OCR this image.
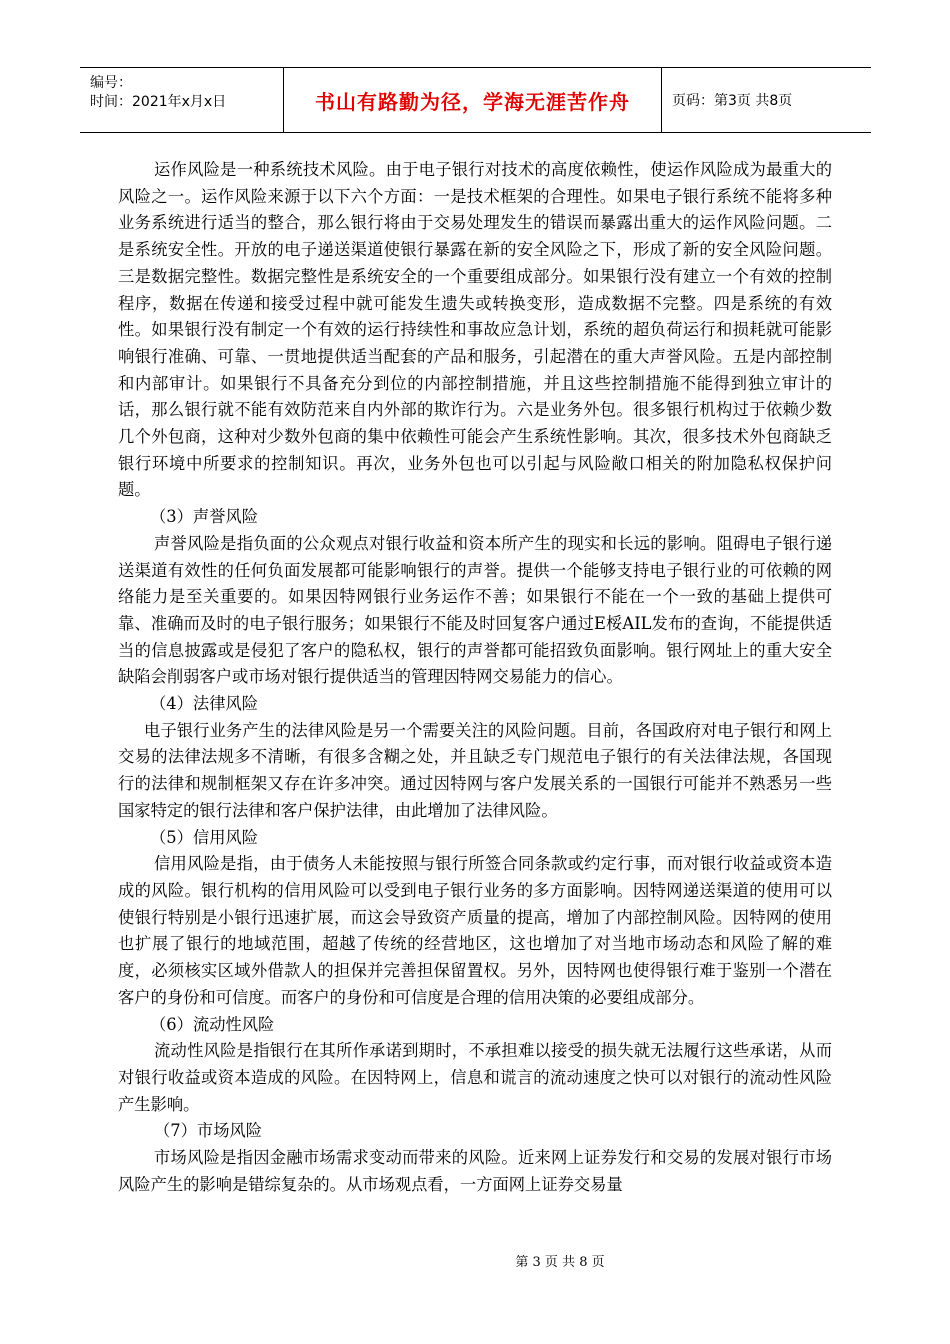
编号：
时间：2021年x月x日	书山有路勤为径，学海无涯苦作舟	页码：第3页 共8页

运作风险是一种系统技术风险。由于电子银行对技术的高度依赖性，使运作风险成为最重大的风险之一。运作风险来源于以下六个方面：一是技术框架的合理性。如果电子银行系统不能将多种业务系统进行适当的整合，那么银行将由于交易处理发生的错误而暴露出重大的运作风险问题。二是系统安全性。开放的电子递送渠道使银行暴露在新的安全风险之下，形成了新的安全风险问题。三是数据完整性。数据完整性是系统安全的一个重要组成部分。如果银行没有建立一个有效的控制程序，数据在传递和接受过程中就可能发生遗失或转换变形，造成数据不完整。四是系统的有效性。如果银行没有制定一个有效的运行持续性和事故应急计划，系统的超负荷运行和损耗就可能影响银行准确、可靠、一贯地提供适当配套的产品和服务，引起潜在的重大声誉风险。五是内部控制和内部审计。如果银行不具备充分到位的内部控制措施，并且这些控制措施不能得到独立审计的话，那么银行就不能有效防范来自内外部的欺诈行为。六是业务外包。很多银行机构过于依赖少数几个外包商，这种对少数外包商的集中依赖性可能会产生系统性影响。其次，很多技术外包商缺乏银行环境中所要求的控制知识。再次，业务外包也可以引起与风险敞口相关的附加隐私权保护问题。

（3）声誉风险

声誉风险是指负面的公众观点对银行收益和资本所产生的现实和长远的影响。阻碍电子银行递送渠道有效性的任何负面发展都可能影响银行的声誉。提供一个能够支持电子银行业的可依赖的网络能力是至关重要的。如果因特网银行业务运作不善；如果银行不能在一个一致的基础上提供可靠、准确而及时的电子银行服务；如果银行不能及时回复客户通过E桵AIL发布的查询，不能提供适当的信息披露或是侵犯了客户的隐私权，银行的声誉都可能招致负面影响。银行网址上的重大安全缺陷会削弱客户或市场对银行提供适当的管理因特网交易能力的信心。

（4）法律风险

电子银行业务产生的法律风险是另一个需要关注的风险问题。目前，各国政府对电子银行和网上交易的法律法规多不清晰，有很多含糊之处，并且缺乏专门规范电子银行的有关法律法规，各国现行的法律和规制框架又存在许多冲突。通过因特网与客户发展关系的一国银行可能并不熟悉另一些国家特定的银行法律和客户保护法律，由此增加了法律风险。

（5）信用风险

信用风险是指，由于债务人未能按照与银行所签合同条款或约定行事，而对银行收益或资本造成的风险。银行机构的信用风险可以受到电子银行业务的多方面影响。因特网递送渠道的使用可以使银行特别是小银行迅速扩展，而这会导致资产质量的提高，增加了内部控制风险。因特网的使用也扩展了银行的地域范围，超越了传统的经营地区，这也增加了对当地市场动态和风险了解的难度，必须核实区域外借款人的担保并完善担保留置权。另外，因特网也使得银行难于鉴别一个潜在客户的身份和可信度。而客户的身份和可信度是合理的信用决策的必要组成部分。

（6）流动性风险

流动性风险是指银行在其所作承诺到期时，不承担难以接受的损失就无法履行这些承诺，从而对银行收益或资本造成的风险。在因特网上，信息和谎言的流动速度之快可以对银行的流动性风险产生影响。

（7）市场风险

市场风险是指因金融市场需求变动而带来的风险。近来网上证券发行和交易的发展对银行市场风险产生的影响是错综复杂的。从市场观点看，一方面网上证券交易量

第 3 页 共 8 页
